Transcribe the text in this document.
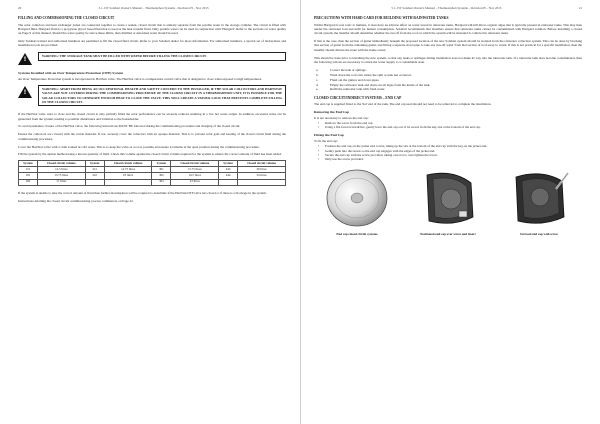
20	5.1-15T Solahart Owner's Manual – Thermosiphon Systems – Revision H – Nov 2015
FILLING AND COMMISSIONING THE CLOSED CIRCUIT

The solar collectors and heat exchanger jacket are connected together to create a sealed, closed circuit that is entirely separate from the potable water in the storage cylinder. The circuit is filled with Hartgard fluid. Hartgard fluid is a propylene glycol based fluid that is used as the heat transfer fluid. Only potable water can be used in conjunction with 'Hartgard'. Refer to the sections on water quality on Page 9 of this manual. Should the water quality be above these limits, then distilled or deionised water should be used.

Only Solahart trained and authorised installers are permitted to fill the closed fluid circuit. Refer to your Solahart dealer for more information. For authorised installers, a special set of instructions and installation tools are provided.

!	WARNING: THE STORAGE TANK MUST BE FILLED WITH WATER BEFORE FILLING THE CLOSED CIRCUIT.
Systems Installed with an Over Temperature Protection (OTP) System

An Over Temperature Protection system is incorporated in HartStat valve. The HartStat valve is a temperature control valve that is designed to close when exposed to high temperatures.

!	WARNING: APART FROM BEING AN OCCUPATIONAL HEALTH AND SAFETY CONCERN TO THE INSTALLER, IF THE SOLAR COLLECTORS AND HARTSTAT VALVE ARE NOT COVERED DURING THE COMMISSIONING PROCEDURE OF THE CLOSED CIRCUIT IN A THERMOSIPHON UNIT, IT IS POSSIBLE FOR THE SOLAR COLLECTORS TO GENERATE ENOUGH HEAT TO CLOSE THE VALVE. THIS WILL CREATE A VAPOUR LOCK THAT PREVENTS COMPLETE FILLING OF THE CLOSED CIRCUIT.

If the HartStat valve were to close and the closed circuit is only partially filled the solar performance can be severely reduced resulting in a low hot water output. In addition, excessive noise can be generated from the system, leading to possible disturbance and irritation to the householder.

To avoid premature closure of the HartStat valve, the following instructions MUST BE followed during the commissioning procedure and charging of the closed circuit.

Ensure the collectors are covered with the carton material. If not, securely cover the collectors with an opaque material. This is to prevent solar gain and heating of the closed circuit fluid during the commissioning procedure.

Cover the HartStat valve with a cloth soaked in cold water. This is to keep the valve as cool as possible and ensure it remains in the open position during the commissioning procedure.

Fill the system by the siphon method using a known quantity of fluid. Check this volume against the closed circuit volume required for the system to ensure the correct amount of fluid has been added.

System	Closed circuit volume	System	Closed circuit volume	System	Closed circuit volume	System	Closed circuit volume
151	12.5 litres	221	14.75 litres	301	15.75 litres	443	30 litres
181	13.75 litres	222	18 litres	302	19.5 litres	444	34 litres
182	17 litres			303	23 litres		

If the system is unable to take the correct amount of fluid then further investigation will be required to determine if the HartStat/OTP valve has closed or if there is a blockage in the system.

Instructions detailing the closed circuit commissioning process commences on Page 22.

5.1-15T Solahart Owner's Manual – Thermosiphon Systems – Revision H – Nov 2015	21
PRECAUTIONS WITH HARD CARD FOR BUILDING WITH RAINWATER TANKS

Whilst Hartgard is non toxic to humans, it does have an adverse effect on water stored in rainwater tanks. Hartgard will kill micro-organic algae that is typically present in rainwater tanks. This may then render the rainwater foul and unfit for human consumption. Solahart recommends that installers ensure that rainwater tanks cannot be contaminated with Hartgard solution. Before installing a closed circuit system, the installer should determine whether the run off from the roof on which the system will be mounted is collected in rainwater tanks.

If this is the case, then the section of gutter immediately beneath the proposed location of the new Solahart system should be isolated from the rainwater collection system. This can be done by blocking that section of gutter from the remaining gutter, and fitting a separate down pipe to take any run-off water from that section of roof away to waste. If this is not practical for a specific installation, then the installer should discuss the issue with the home owner.

This should be done prior to installing the new system, so that any leaks or spillages during installation does not make its way into the rainwater tank. If a rainwater tank does become contaminated, then the following actions are necessary to return the water supply to a consumable state.

a.	Correct the leak or spillage.
b.	Wash down the roof area where the spill or leak has occurred.
c.	Flush out the gutters and down pipes.
d.	Empty the rainwater tank and clean out all algae from the inside of the tank.
e.	Refill the rainwater tank with fresh water.
CLOSED CIRCUIT/INDIRECT SYSTEMS – END CAP

The end cap is supplied fitted to the 'hot' end of the tank. The end cap used should not need to be removed to complete the installation.

Removing the End Cap

It is not necessary to remove the end cap:

•	Remove the screw from the end cap.
•	Using a flat faced screwdriver, gently lever the end cap out of its recess from the key slot at the bottom of the end cap.
Fitting the End Cap

To fit the end cap:

•	Position the end cap on the jacket end covers, lining up the slot at the bottom of the end cap with the key on the jacket end.
•	Gently push into the recess so the end cap engages with the edges of the jacket end.
•	Secure the end cap with the screw provided, taking care not to over tighten the screw.
•	Only use the screw provided.
End cap closed circuit systems	Positioned end cap over screw and insert	Screwed end cap with screw
